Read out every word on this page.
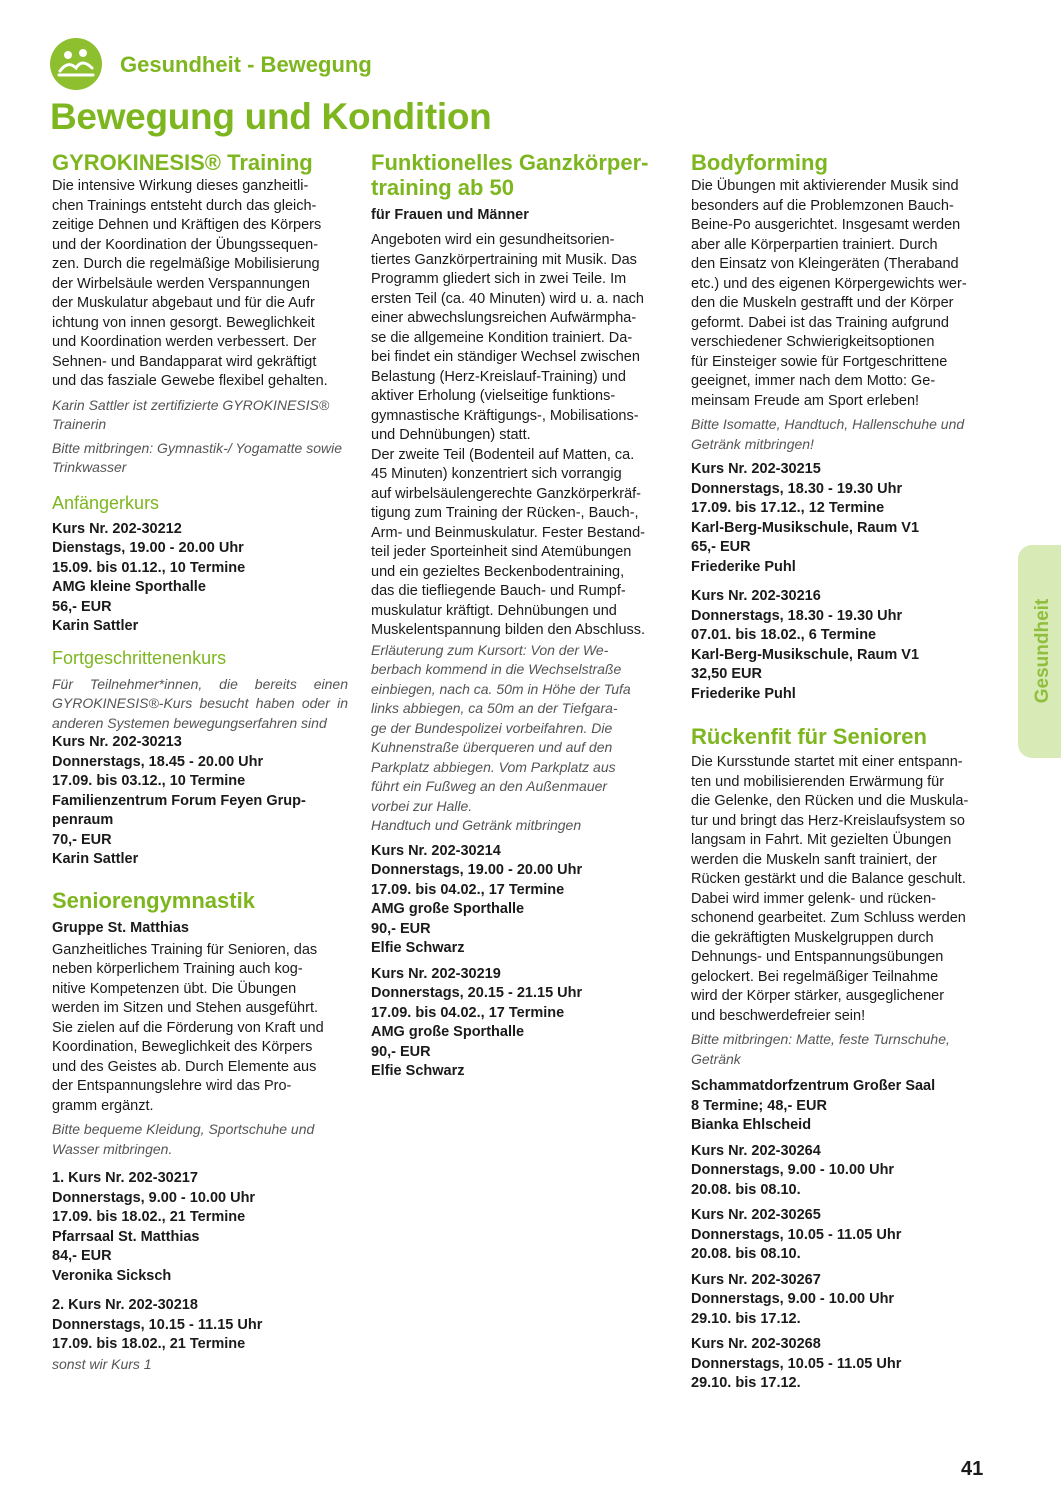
Gesundheit - Bewegung
Bewegung und Kondition
GYROKINESIS® Training
Die intensive Wirkung dieses ganzheitli-
chen Trainings entsteht durch das gleich-
zeitige Dehnen und Kräftigen des Körpers
und der Koordination der Übungssequen-
zen. Durch die regelmäßige Mobilisierung
der Wirbelsäule werden Verspannungen
der Muskulatur abgebaut und für die Aufr
ichtung von innen gesorgt. Beweglichkeit
und Koordination werden verbessert. Der
Sehnen- und Bandapparat wird gekräftigt
und das fasziale Gewebe flexibel gehalten.
Karin Sattler ist zertifizierte GYROKINESIS® Trainerin
Bitte mitbringen: Gymnastik-/ Yogamatte sowie Trinkwasser
Anfängerkurs
Kurs Nr. 202-30212
Dienstags, 19.00 - 20.00 Uhr
15.09. bis 01.12., 10 Termine
AMG kleine Sporthalle
56,- EUR
Karin Sattler
Fortgeschrittenenkurs
Für Teilnehmer*innen, die bereits einen GYROKINESIS®-Kurs besucht haben oder in anderen Systemen bewegungserfahren sind
Kurs Nr. 202-30213
Donnerstags, 18.45 - 20.00 Uhr
17.09. bis 03.12., 10 Termine
Familienzentrum Forum Feyen Grup-
penraum
70,- EUR
Karin Sattler
Seniorengymnastik
Gruppe St. Matthias
Ganzheitliches Training für Senioren, das
neben körperlichem Training auch kog-
nitive Kompetenzen übt. Die Übungen
werden im Sitzen und Stehen ausgeführt.
Sie zielen auf die Förderung von Kraft und
Koordination, Beweglichkeit des Körpers
und des Geistes ab. Durch Elemente aus
der Entspannungslehre wird das Pro-
gramm ergänzt.
Bitte bequeme Kleidung, Sportschuhe und Wasser mitbringen.
1. Kurs Nr. 202-30217
Donnerstags, 9.00 - 10.00 Uhr
17.09. bis 18.02., 21 Termine
Pfarrsaal St. Matthias
84,- EUR
Veronika Sicksch
2. Kurs Nr. 202-30218
Donnerstags, 10.15 - 11.15 Uhr
17.09. bis 18.02., 21 Termine
sonst wir Kurs 1
Funktionelles Ganzkörper-
training ab 50
für Frauen und Männer
Angeboten wird ein gesundheitsorien-
tiertes Ganzkörpertraining mit Musik. Das
Programm gliedert sich in zwei Teile. Im
ersten Teil (ca. 40 Minuten) wird u. a. nach
einer abwechslungsreichen Aufwärmpha-
se die allgemeine Kondition trainiert. Da-
bei findet ein ständiger Wechsel zwischen
Belastung (Herz-Kreislauf-Training) und
aktiver Erholung (vielseitige funktions-
gymnastische Kräftigungs-, Mobilisations-
und Dehnübungen) statt.
Der zweite Teil (Bodenteil auf Matten, ca.
45 Minuten) konzentriert sich vorrangig
auf wirbelsäulengerechte Ganzkörperkräf-
tigung zum Training der Rücken-, Bauch-,
Arm- und Beinmuskulatur. Fester Bestand-
teil jeder Sporteinheit sind Atemübungen
und ein gezieltes Beckenbodentraining,
das die tiefliegende Bauch- und Rumpf-
muskulatur kräftigt. Dehnübungen und
Muskelentspannung bilden den Abschluss.
Erläuterung zum Kursort: Von der We-
berbach kommend in die Wechselstraße
einbiegen, nach ca. 50m in Höhe der Tufa
links abbiegen, ca 50m an der Tiefgara-
ge der Bundespolizei vorbeifahren. Die
Kuhnenstraße überqueren und auf den
Parkplatz abbiegen. Vom Parkplatz aus
führt ein Fußweg an den Außenmauer
vorbei zur Halle.
Handtuch und Getränk mitbringen
Kurs Nr. 202-30214
Donnerstags, 19.00 - 20.00 Uhr
17.09. bis 04.02., 17 Termine
AMG große Sporthalle
90,- EUR
Elfie Schwarz
Kurs Nr. 202-30219
Donnerstags, 20.15 - 21.15 Uhr
17.09. bis 04.02., 17 Termine
AMG große Sporthalle
90,- EUR
Elfie Schwarz
Bodyforming
Die Übungen mit aktivierender Musik sind
besonders auf die Problemzonen Bauch-
Beine-Po ausgerichtet. Insgesamt werden
aber alle Körperpartien trainiert. Durch
den Einsatz von Kleingeräten (Theraband
etc.) und des eigenen Körpergewichts wer-
den die Muskeln gestrafft und der Körper
geformt. Dabei ist das Training aufgrund
verschiedener Schwierigkeitsoptionen
für Einsteiger sowie für Fortgeschrittene
geeignet, immer nach dem Motto: Ge-
meinsam Freude am Sport erleben!
Bitte Isomatte, Handtuch, Hallenschuhe und Getränk mitbringen!
Kurs Nr. 202-30215
Donnerstags, 18.30 - 19.30 Uhr
17.09. bis 17.12., 12 Termine
Karl-Berg-Musikschule, Raum V1
65,- EUR
Friederike Puhl
Kurs Nr. 202-30216
Donnerstags, 18.30 - 19.30 Uhr
07.01. bis 18.02., 6 Termine
Karl-Berg-Musikschule, Raum V1
32,50 EUR
Friederike Puhl
Rückenfit für Senioren
Die Kursstunde startet mit einer entspann-
ten und mobilisierenden Erwärmung für
die Gelenke, den Rücken und die Muskula-
tur und bringt das Herz-Kreislaufsystem so
langsam in Fahrt. Mit gezielten Übungen
werden die Muskeln sanft trainiert, der
Rücken gestärkt und die Balance geschult.
Dabei wird immer gelenk- und rücken-
schonend gearbeitet. Zum Schluss werden
die gekräftigten Muskelgruppen durch
Dehnungs- und Entspannungsübungen
gelockert. Bei regelmäßiger Teilnahme
wird der Körper stärker, ausgeglichener
und beschwerdefreier sein!
Bitte mitbringen: Matte, feste Turnschuhe, Getränk
Schammatdorfzentrum Großer Saal
8 Termine; 48,- EUR
Bianka Ehlscheid
Kurs Nr. 202-30264
Donnerstags, 9.00 - 10.00 Uhr
20.08. bis 08.10.
Kurs Nr. 202-30265
Donnerstags, 10.05 - 11.05 Uhr
20.08. bis 08.10.
Kurs Nr. 202-30267
Donnerstags, 9.00 - 10.00 Uhr
29.10. bis 17.12.
Kurs Nr. 202-30268
Donnerstags, 10.05 - 11.05 Uhr
29.10. bis 17.12.
Gesundheit
41
